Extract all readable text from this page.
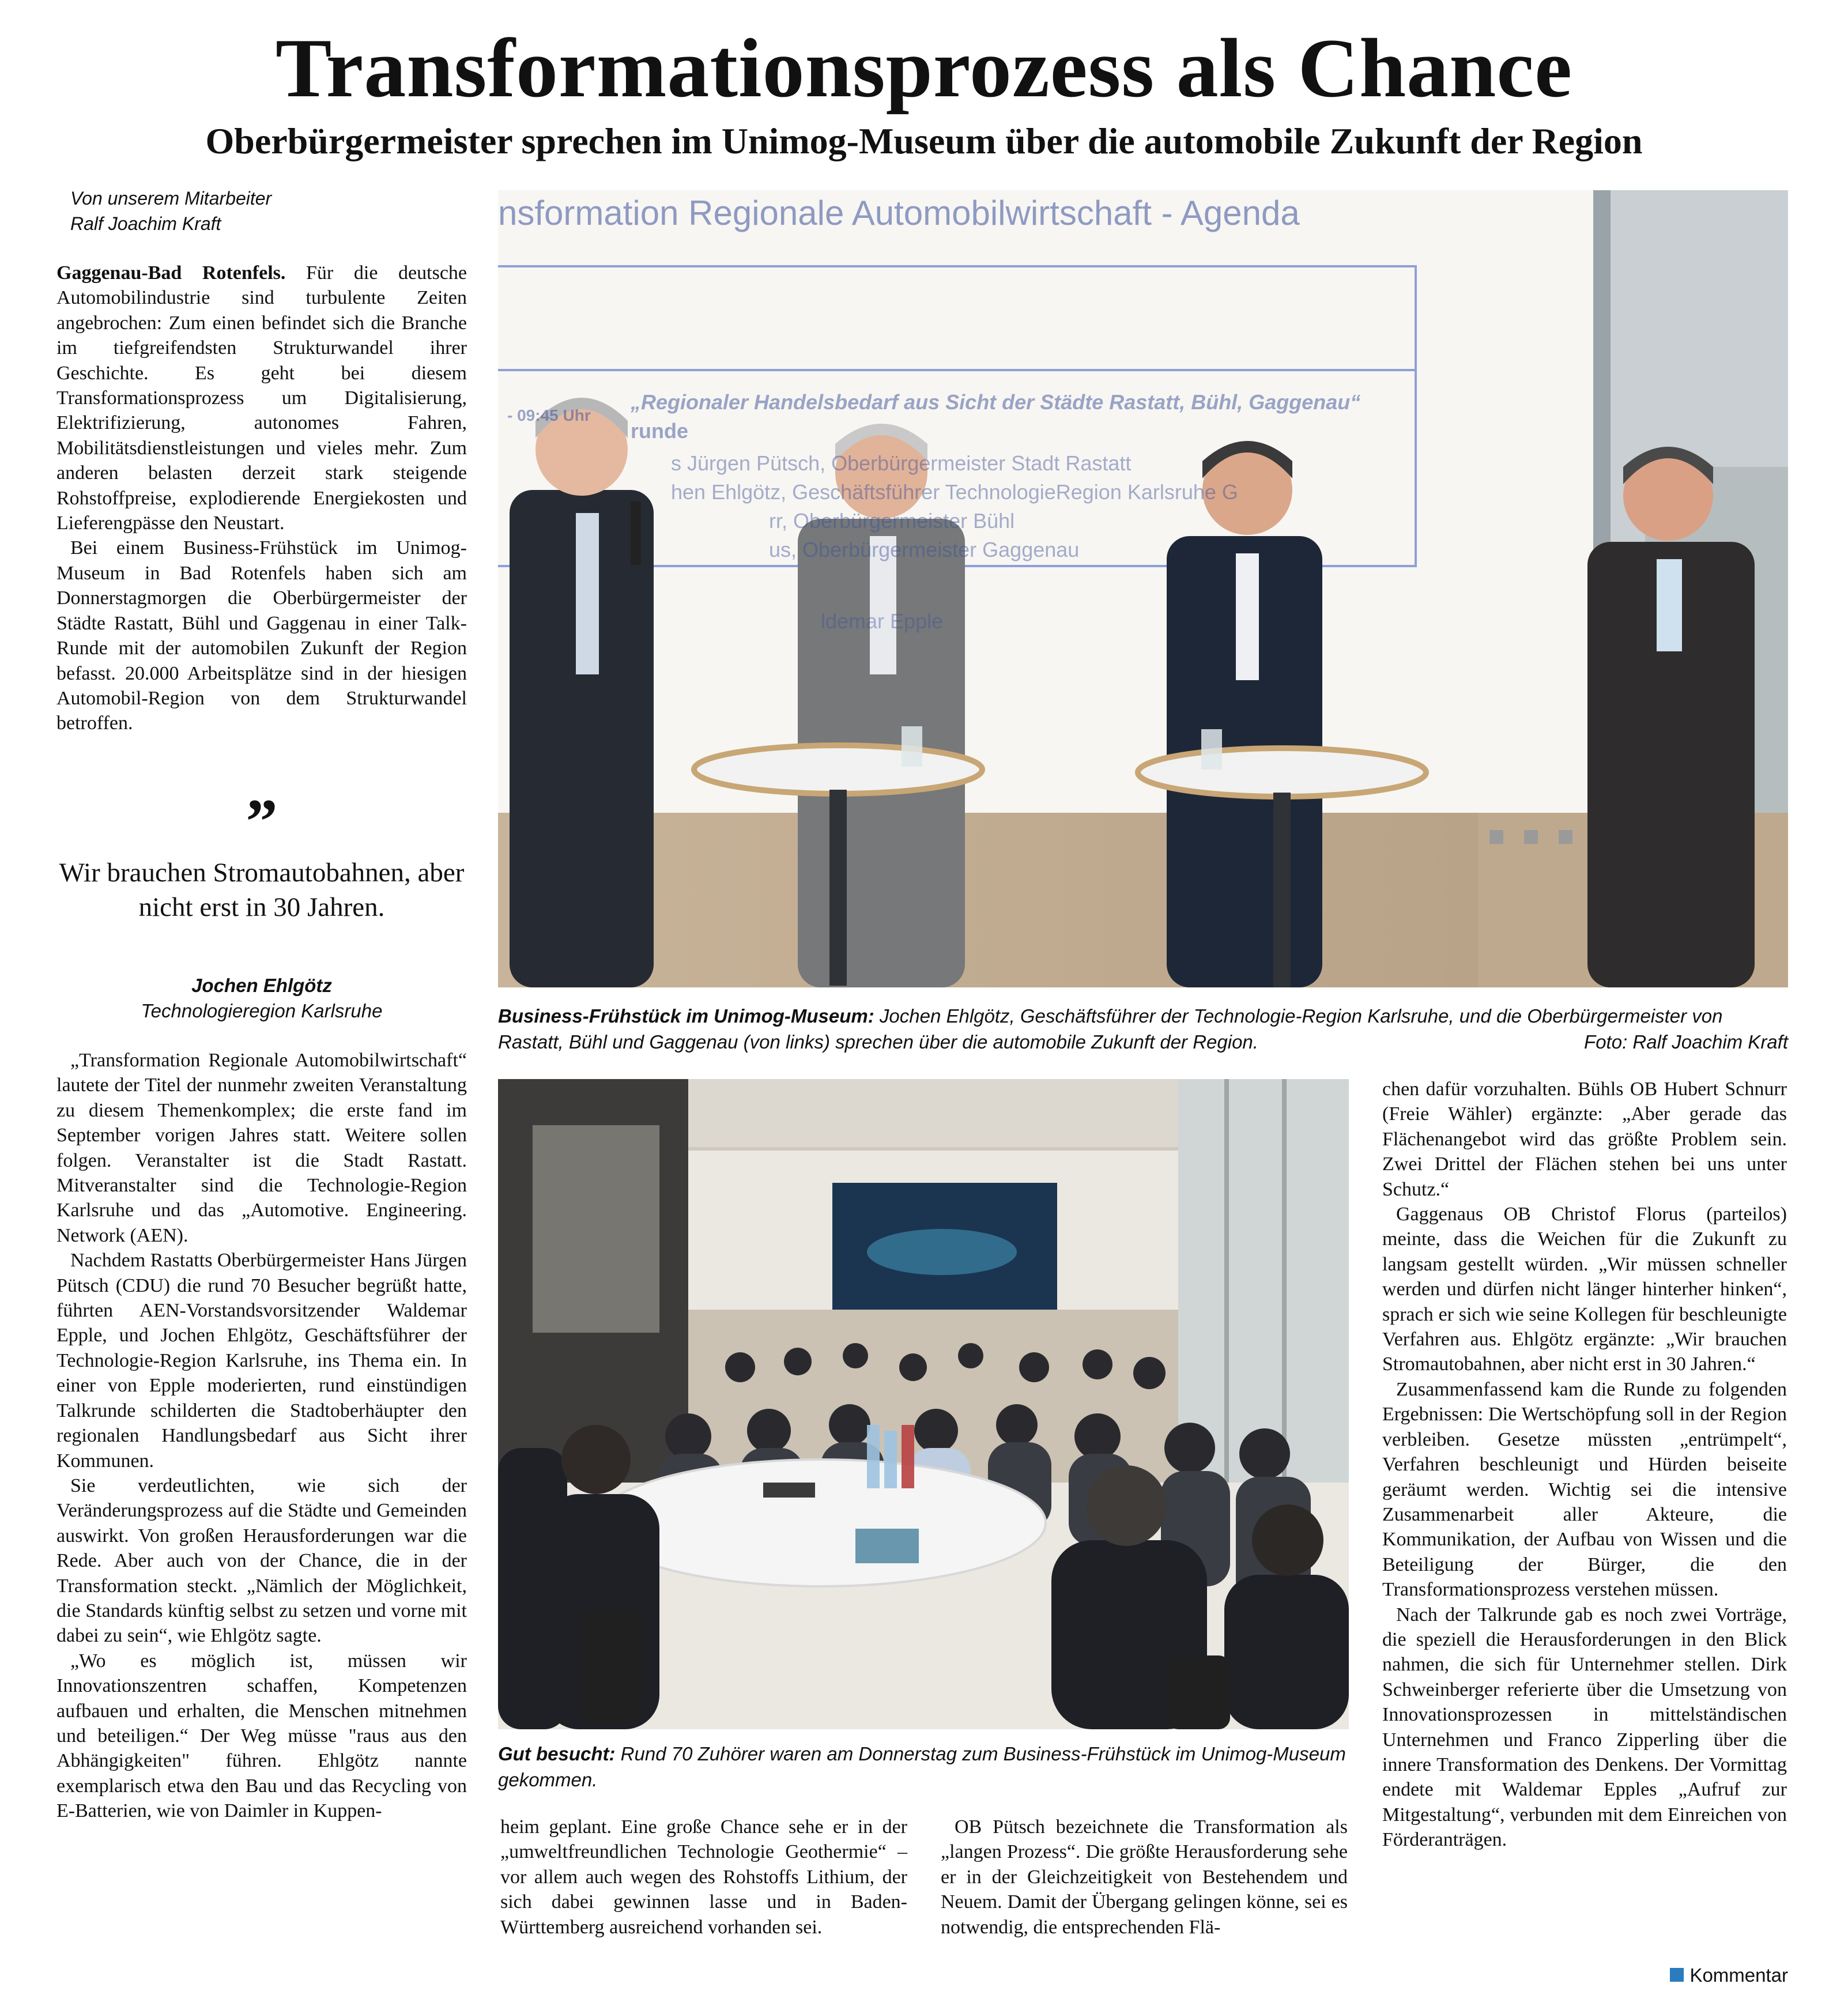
Transformationsprozess als Chance
Oberbürgermeister sprechen im Unimog-Museum über die automobile Zukunft der Region
Von unserem Mitarbeiter
Ralf Joachim Kraft

Gaggenau-Bad Rotenfels. Für die deutsche Automobilindustrie sind turbulente Zeiten angebrochen: Zum einen befindet sich die Branche im tiefgreifendsten Strukturwandel ihrer Geschichte. Es geht bei diesem Transformationsprozess um Digitalisierung, Elektrifizierung, autonomes Fahren, Mobilitätsdienstleistungen und vieles mehr. Zum anderen belasten derzeit stark steigende Rohstoffpreise, explodierende Energiekosten und Lieferengpässe den Neustart.

Bei einem Business-Frühstück im Unimog-Museum in Bad Rotenfels haben sich am Donnerstagmorgen die Oberbürgermeister der Städte Rastatt, Bühl und Gaggenau in einer Talk-Runde mit der automobilen Zukunft der Region befasst. 20.000 Arbeitsplätze sind in der hiesigen Automobil-Region von dem Strukturwandel betroffen.

”
Wir brauchen Stromautobahnen, aber nicht erst in 30 Jahren.
Jochen Ehlgötz
Technologieregion Karlsruhe

„Transformation Regionale Automobilwirtschaft“ lautete der Titel der nunmehr zweiten Veranstaltung zu diesem Themenkomplex; die erste fand im September vorigen Jahres statt. Weitere sollen folgen. Veranstalter ist die Stadt Rastatt. Mitveranstalter sind die Technologie-Region Karlsruhe und das „Automotive. Engineering. Network (AEN).

Nachdem Rastatts Oberbürgermeister Hans Jürgen Pütsch (CDU) die rund 70 Besucher begrüßt hatte, führten AEN-Vorstandsvorsitzender Waldemar Epple, und Jochen Ehlgötz, Geschäftsführer der Technologie-Region Karlsruhe, ins Thema ein. In einer von Epple moderierten, rund einstündigen Talkrunde schilderten die Stadtoberhäupter den regionalen Handlungsbedarf aus Sicht ihrer Kommunen.

Sie verdeutlichten, wie sich der Veränderungsprozess auf die Städte und Gemeinden auswirkt. Von großen Herausforderungen war die Rede. Aber auch von der Chance, die in der Transformation steckt. „Nämlich der Möglichkeit, die Standards künftig selbst zu setzen und vorne mit dabei zu sein“, wie Ehlgötz sagte.

„Wo es möglich ist, müssen wir Innovationszentren schaffen, Kompetenzen aufbauen und erhalten, die Menschen mitnehmen und beteiligen.“ Der Weg müsse "raus aus den Abhängigkeiten" führen. Ehlgötz nannte exemplarisch etwa den Bau und das Recycling von E-Batterien, wie von Daimler in Kuppen-

nsformation Regionale Automobilwirtschaft - Agenda
- 09:45 Uhr
„Regionaler Handelsbedarf aus Sicht der Städte Rastatt, Bühl, Gaggenau“
runde
s Jürgen Pütsch, Oberbürgermeister Stadt Rastatt
hen Ehlgötz, Geschäftsführer TechnologieRegion Karlsruhe G
rr, Oberbürgermeister Bühl
us, Oberbürgermeister Gaggenau
ldemar Epple
Business-Frühstück im Unimog-Museum: Jochen Ehlgötz, Geschäftsführer der Technologie-Region Karlsruhe, und die Oberbürgermeister von Rastatt, Bühl und Gaggenau (von links) sprechen über die automobile Zukunft der Region.	Foto: Ralf Joachim Kraft
Gut besucht: Rund 70 Zuhörer waren am Donnerstag zum Business-Frühstück im Unimog-Museum gekommen.

heim geplant. Eine große Chance sehe er in der „umweltfreundlichen Technologie Geothermie“ – vor allem auch wegen des Rohstoffs Lithium, der sich dabei gewinnen lasse und in Baden-Württemberg ausreichend vorhanden sei.

OB Pütsch bezeichnete die Transformation als „langen Prozess“. Die größte Herausforderung sehe er in der Gleichzeitigkeit von Bestehendem und Neuem. Damit der Übergang gelingen könne, sei es notwendig, die entsprechenden Flä-

chen dafür vorzuhalten. Bühls OB Hubert Schnurr (Freie Wähler) ergänzte: „Aber gerade das Flächenangebot wird das größte Problem sein. Zwei Drittel der Flächen stehen bei uns unter Schutz.“

Gaggenaus OB Christof Florus (parteilos) meinte, dass die Weichen für die Zukunft zu langsam gestellt würden. „Wir müssen schneller werden und dürfen nicht länger hinterher hinken“, sprach er sich wie seine Kollegen für beschleunigte Verfahren aus. Ehlgötz ergänzte: „Wir brauchen Stromautobahnen, aber nicht erst in 30 Jahren.“

Zusammenfassend kam die Runde zu folgenden Ergebnissen: Die Wertschöpfung soll in der Region verbleiben. Gesetze müssten „entrümpelt“, Verfahren beschleunigt und Hürden beiseite geräumt werden. Wichtig sei die intensive Zusammenarbeit aller Akteure, die Kommunikation, der Aufbau von Wissen und die Beteiligung der Bürger, die den Transformationsprozess verstehen müssen.

Nach der Talkrunde gab es noch zwei Vorträge, die speziell die Herausforderungen in den Blick nahmen, die sich für Unternehmer stellen. Dirk Schweinberger referierte über die Umsetzung von Innovationsprozessen in mittelständischen Unternehmen und Franco Zipperling über die innere Transformation des Denkens. Der Vormittag endete mit Waldemar Epples „Aufruf zur Mitgestaltung“, verbunden mit dem Einreichen von Förderanträgen.

Kommentar
